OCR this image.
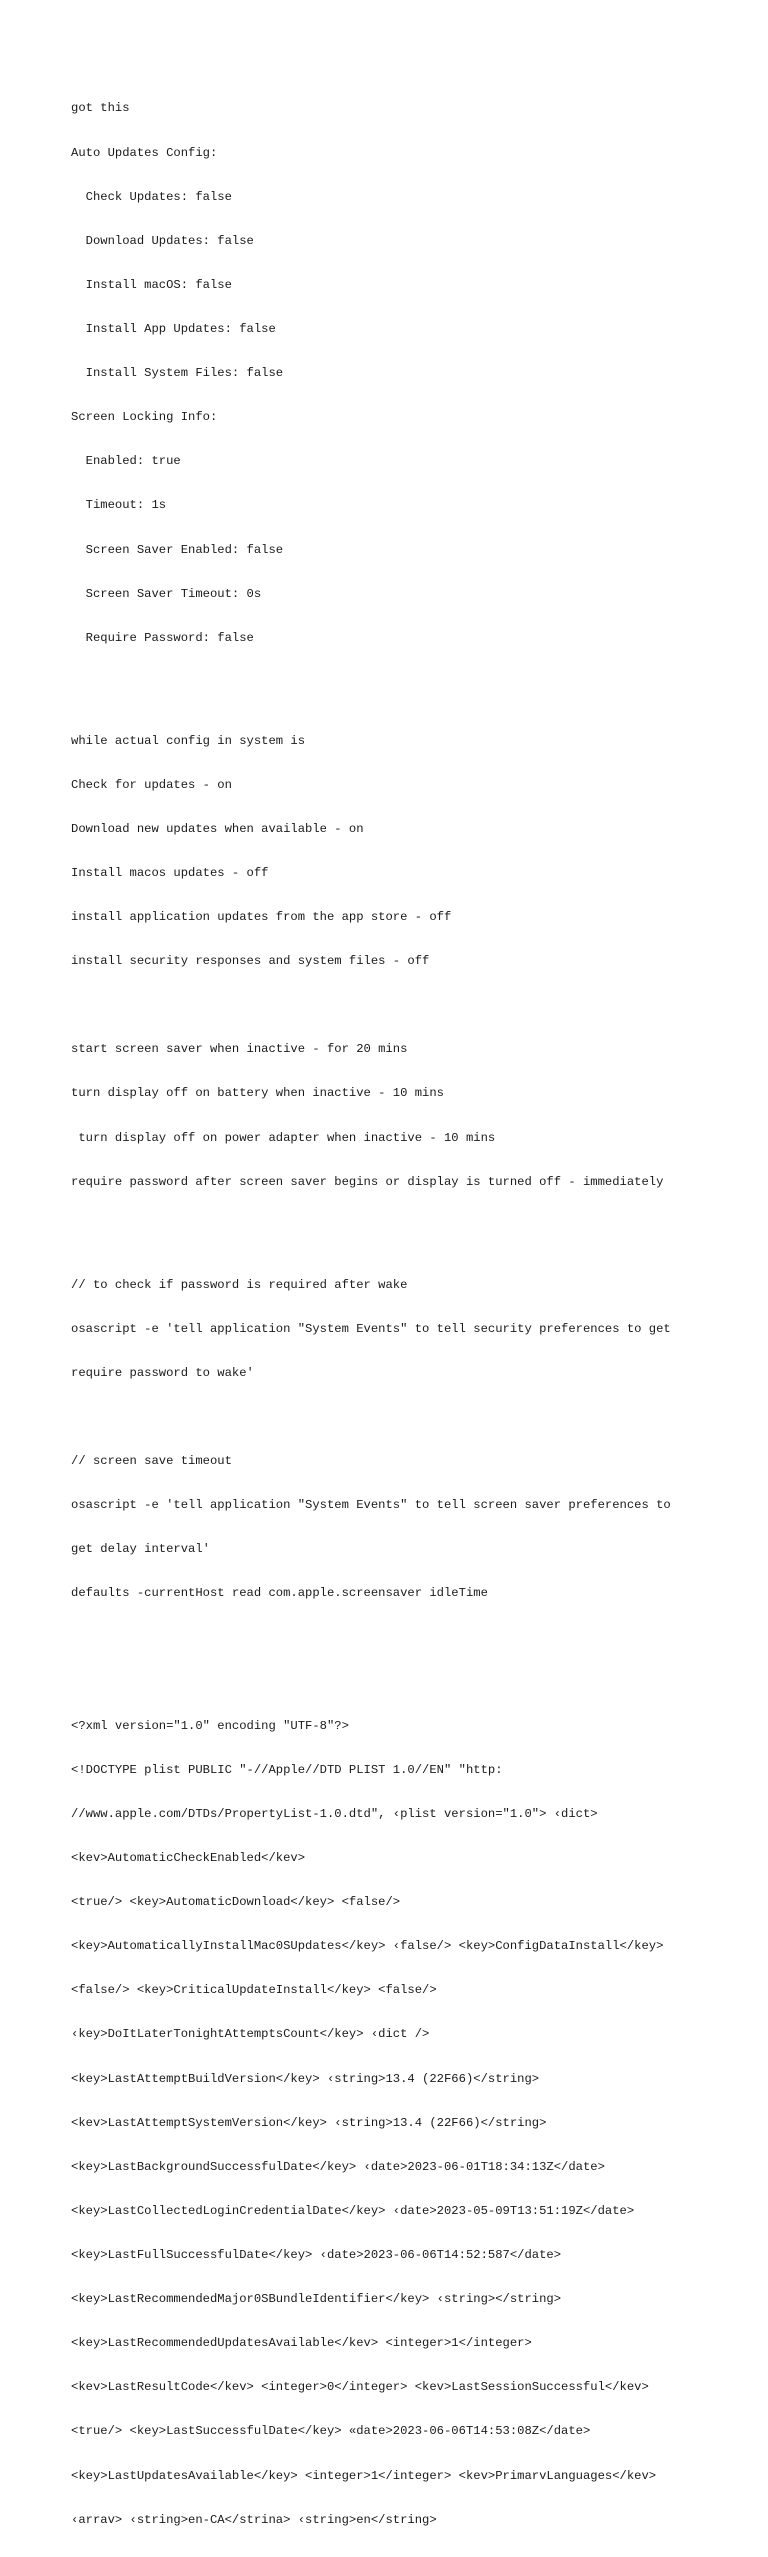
got this

Auto Updates Config:

Check Updates: false

Download Updates: false

Install macOS: false

Install App Updates: false

Install System Files: false

Screen Locking Info:

Enabled: true

Timeout: 1s

Screen Saver Enabled: false

Screen Saver Timeout: 0s

Require Password: false

while actual config in system is

Check for updates - on

Download new updates when available - on

Install macos updates - off

install application updates from the app store - off

install security responses and system files - off

start screen saver when inactive - for 20 mins

turn display off on battery when inactive - 10 mins

turn display off on power adapter when inactive - 10 mins

require password after screen saver begins or display is turned off - immediately

// to check if password is required after wake

osascript -e 'tell application "System Events" to tell security preferences to get

require password to wake'

// screen save timeout

osascript -e 'tell application "System Events" to tell screen saver preferences to

get delay interval'

defaults -currentHost read com.apple.screensaver idleTime

<?xml version="1.0" encoding "UTF-8"?>

<!DOCTYPE plist PUBLIC "-//Apple//DTD PLIST 1.0//EN" "http:

//www.apple.com/DTDs/PropertyList-1.0.dtd", ‹plist version="1.0"> ‹dict>

<kev>AutomaticCheckEnabled</kev>

<true/> <key>AutomaticDownload</key> <false/>

<key>AutomaticallyInstallMac0SUpdates</key> ‹false/> <key>ConfigDataInstall</key>

<false/> <key>CriticalUpdateInstall</key> <false/>

‹key>DoItLaterTonightAttemptsCount</key> ‹dict />

<key>LastAttemptBuildVersion</key> ‹string>13.4 (22F66)</string>

<kev>LastAttemptSystemVersion</key> ‹string>13.4 (22F66)</string>

<key>LastBackgroundSuccessfulDate</key> ‹date>2023-06-01T18:34:13Z</date>

<key>LastCollectedLoginCredentialDate</key> ‹date>2023-05-09T13:51:19Z</date>

<key>LastFullSuccessfulDate</key> ‹date>2023-06-06T14:52:587</date>

<key>LastRecommendedMajor0SBundleIdentifier</key> ‹string></string>

<key>LastRecommendedUpdatesAvailable</kev> <integer>1</integer>

<kev>LastResultCode</kev> <integer>0</integer> <kev>LastSessionSuccessful</kev>

<true/> <key>LastSuccessfulDate</key> «date>2023-06-06T14:53:08Z</date>

<key>LastUpdatesAvailable</key> <integer>1</integer> <kev>PrimarvLanguages</kev>

‹arrav> ‹string>en-CA</strina> ‹string>en</string>
